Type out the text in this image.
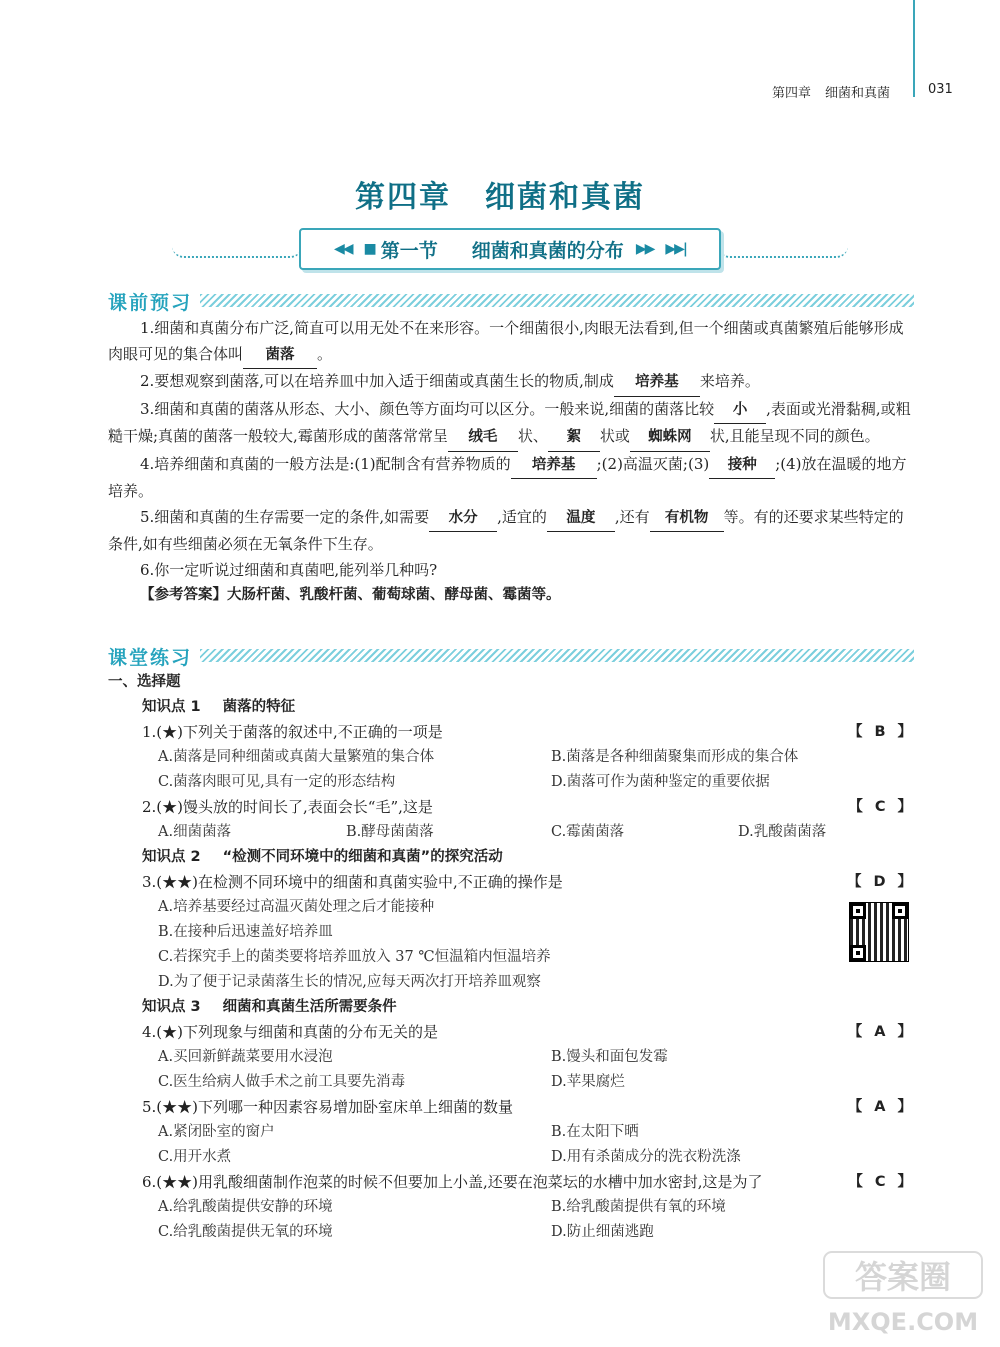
第四章 细菌和真菌	031
第四章 细菌和真菌
◀◀ ■ 第一节 细菌和真菌的分布 ▶▶ ▶▶|
课前预习

1.细菌和真菌分布广泛,简直可以用无处不在来形容。一个细菌很小,肉眼无法看到,但一个细菌或真菌繁殖后能够形成肉眼可见的集合体叫 菌落 。

2.要想观察到菌落,可以在培养皿中加入适于细菌或真菌生长的物质,制成 培养基 来培养。

3.细菌和真菌的菌落从形态、大小、颜色等方面均可以区分。一般来说,细菌的菌落比较 小 ,表面或光滑黏稠,或粗糙干燥;真菌的菌落一般较大,霉菌形成的菌落常常呈 绒毛 状、 絮 状或 蜘蛛网 状,且能呈现不同的颜色。

4.培养细菌和真菌的一般方法是:(1)配制含有营养物质的 培养基 ;(2)高温灭菌;(3) 接种 ;(4)放在温暖的地方培养。

5.细菌和真菌的生存需要一定的条件,如需要 水分 ,适宜的 温度 ,还有 有机物 等。有的还要求某些特定的条件,如有些细菌必须在无氧条件下生存。

6.你一定听说过细菌和真菌吧,能列举几种吗?

【参考答案】大肠杆菌、乳酸杆菌、葡萄球菌、酵母菌、霉菌等。

课堂练习
一、选择题
知识点 1 菌落的特征
1.(★)下列关于菌落的叙述中,不正确的一项是	【 B 】
A.菌落是同种细菌或真菌大量繁殖的集合体	B.菌落是各种细菌聚集而形成的集合体
C.菌落肉眼可见,具有一定的形态结构	D.菌落可作为菌种鉴定的重要依据
2.(★)馒头放的时间长了,表面会长“毛”,这是	【 C 】
A.细菌菌落	B.酵母菌菌落	C.霉菌菌落	D.乳酸菌菌落
知识点 2 “检测不同环境中的细菌和真菌”的探究活动
3.(★★)在检测不同环境中的细菌和真菌实验中,不正确的操作是	【 D 】
A.培养基要经过高温灭菌处理之后才能接种
B.在接种后迅速盖好培养皿
C.若探究手上的菌类要将培养皿放入 37 ℃恒温箱内恒温培养
D.为了便于记录菌落生长的情况,应每天两次打开培养皿观察
知识点 3 细菌和真菌生活所需要条件
4.(★)下列现象与细菌和真菌的分布无关的是	【 A 】
A.买回新鲜蔬菜要用水浸泡	B.馒头和面包发霉
C.医生给病人做手术之前工具要先消毒	D.苹果腐烂
5.(★★)下列哪一种因素容易增加卧室床单上细菌的数量	【 A 】
A.紧闭卧室的窗户	B.在太阳下晒
C.用开水煮	D.用有杀菌成分的洗衣粉洗涤
6.(★★)用乳酸细菌制作泡菜的时候不但要加上小盖,还要在泡菜坛的水槽中加水密封,这是为了	【 C 】
A.给乳酸菌提供安静的环境	B.给乳酸菌提供有氧的环境
C.给乳酸菌提供无氧的环境	D.防止细菌逃跑
答案圈
MXQE.COM
